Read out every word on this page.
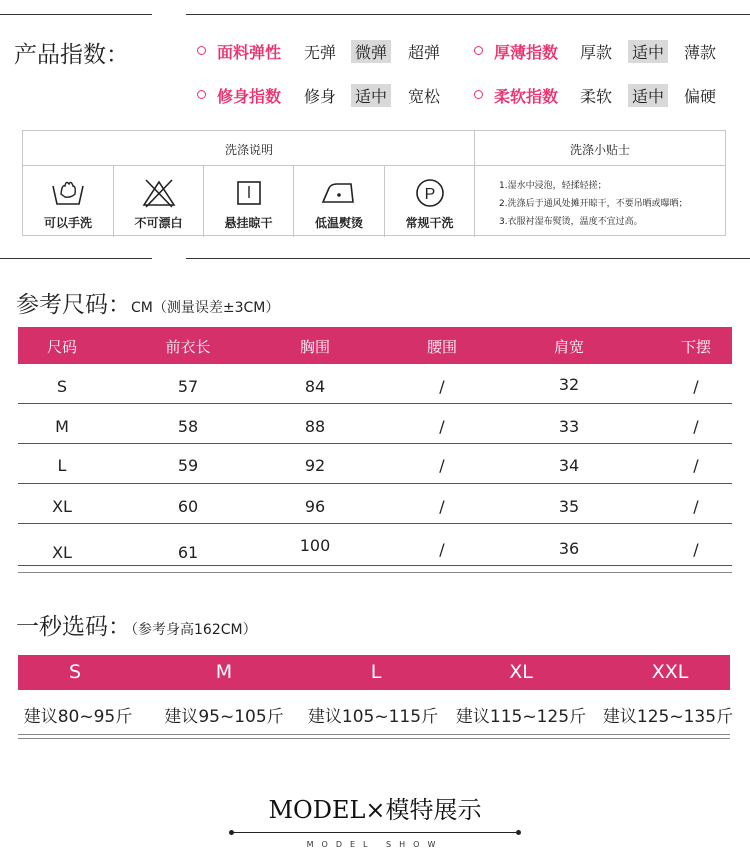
产品指数：	面料弹性 无弹 微弹 超弹	厚薄指数 厚款 适中 薄款
修身指数 修身 适中 宽松	柔软指数 柔软 适中 偏硬
洗涤说明	洗涤小贴士
可以手洗	不可漂白	悬挂晾干	低温熨烫
P
常规干洗
1.湿水中浸泡，轻揉轻搓；
2.洗涤后于通风处摊开晾干，不要吊晒或曝晒；
3.衣服衬湿布熨烫，温度不宜过高。
参考尺码：CM（测量误差±3CM）
尺码	前衣长	胸围	腰围	肩宽	下摆
S	57	84	/	32	/
M	58	88	/	33	/
L	59	92	/	34	/
XL	60	96	/	35	/
XL	61	100	/	36	/
一秒选码：（参考身高162CM）
S	M	L	XL	XXL
建议80~95斤 建议95~105斤 建议105~115斤 建议115~125斤 建议125~135斤
MODEL×模特展示
MODEL SHOW
